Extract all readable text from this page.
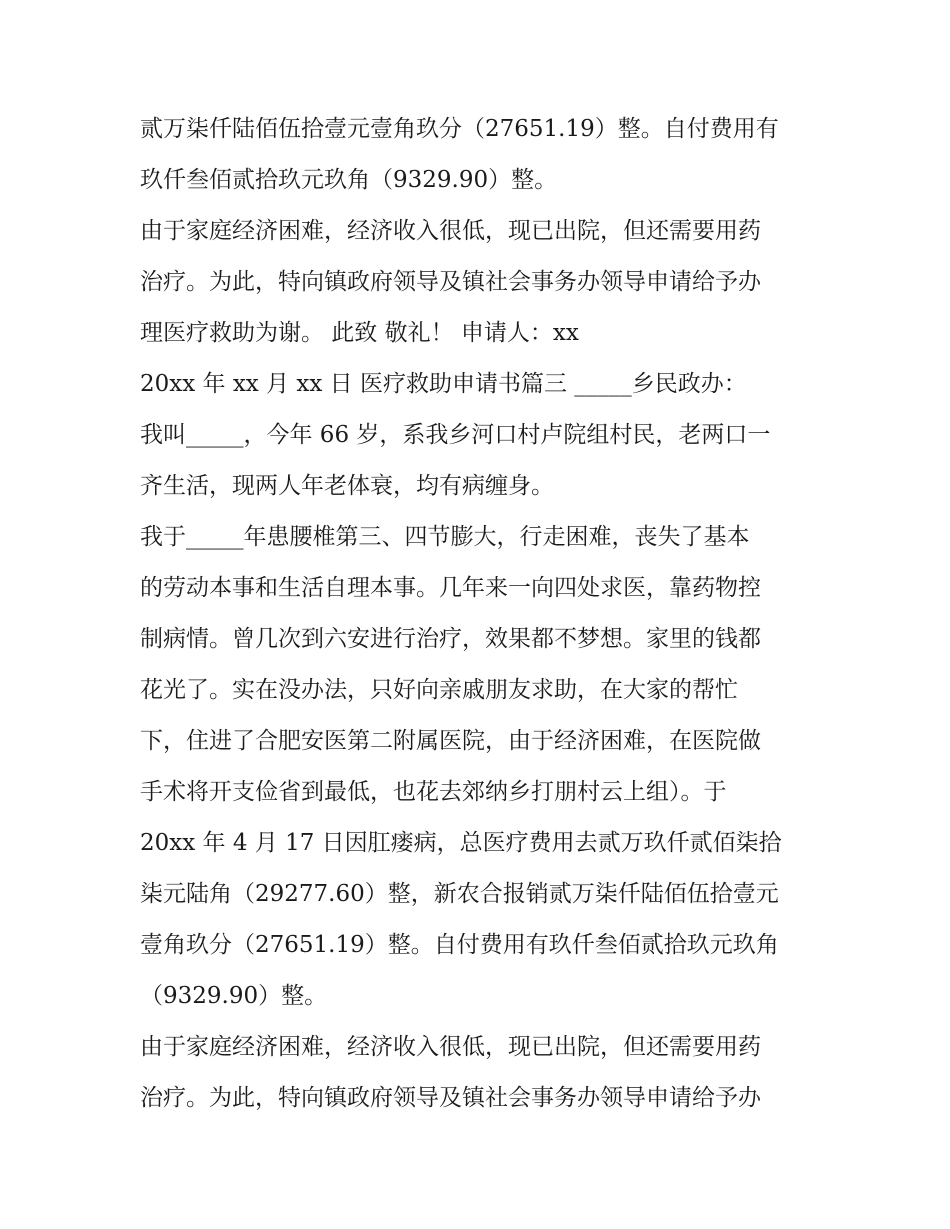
贰万柒仟陆佰伍拾壹元壹角玖分（27651.19）整。自付费用有
玖仟叁佰贰拾玖元玖角（9329.90）整。
由于家庭经济困难，经济收入很低，现已出院，但还需要用药
治疗。为此，特向镇政府领导及镇社会事务办领导申请给予办
理医疗救助为谢。 此致 敬礼！ 申请人：xx
20xx 年 xx 月 xx 日 医疗救助申请书篇三 _____乡民政办：
我叫_____，今年 66 岁，系我乡河口村卢院组村民，老两口一
齐生活，现两人年老体衰，均有病缠身。
我于_____年患腰椎第三、四节膨大，行走困难，丧失了基本
的劳动本事和生活自理本事。几年来一向四处求医，靠药物控
制病情。曾几次到六安进行治疗，效果都不梦想。家里的钱都
花光了。实在没办法，只好向亲戚朋友求助，在大家的帮忙
下，住进了合肥安医第二附属医院，由于经济困难，在医院做
手术将开支俭省到最低，也花去郊纳乡打朋村云上组）。于
20xx 年 4 月 17 日因肛瘘病，总医疗费用去贰万玖仟贰佰柒拾
柒元陆角（29277.60）整，新农合报销贰万柒仟陆佰伍拾壹元
壹角玖分（27651.19）整。自付费用有玖仟叁佰贰拾玖元玖角
（9329.90）整。
由于家庭经济困难，经济收入很低，现已出院，但还需要用药
治疗。为此，特向镇政府领导及镇社会事务办领导申请给予办
